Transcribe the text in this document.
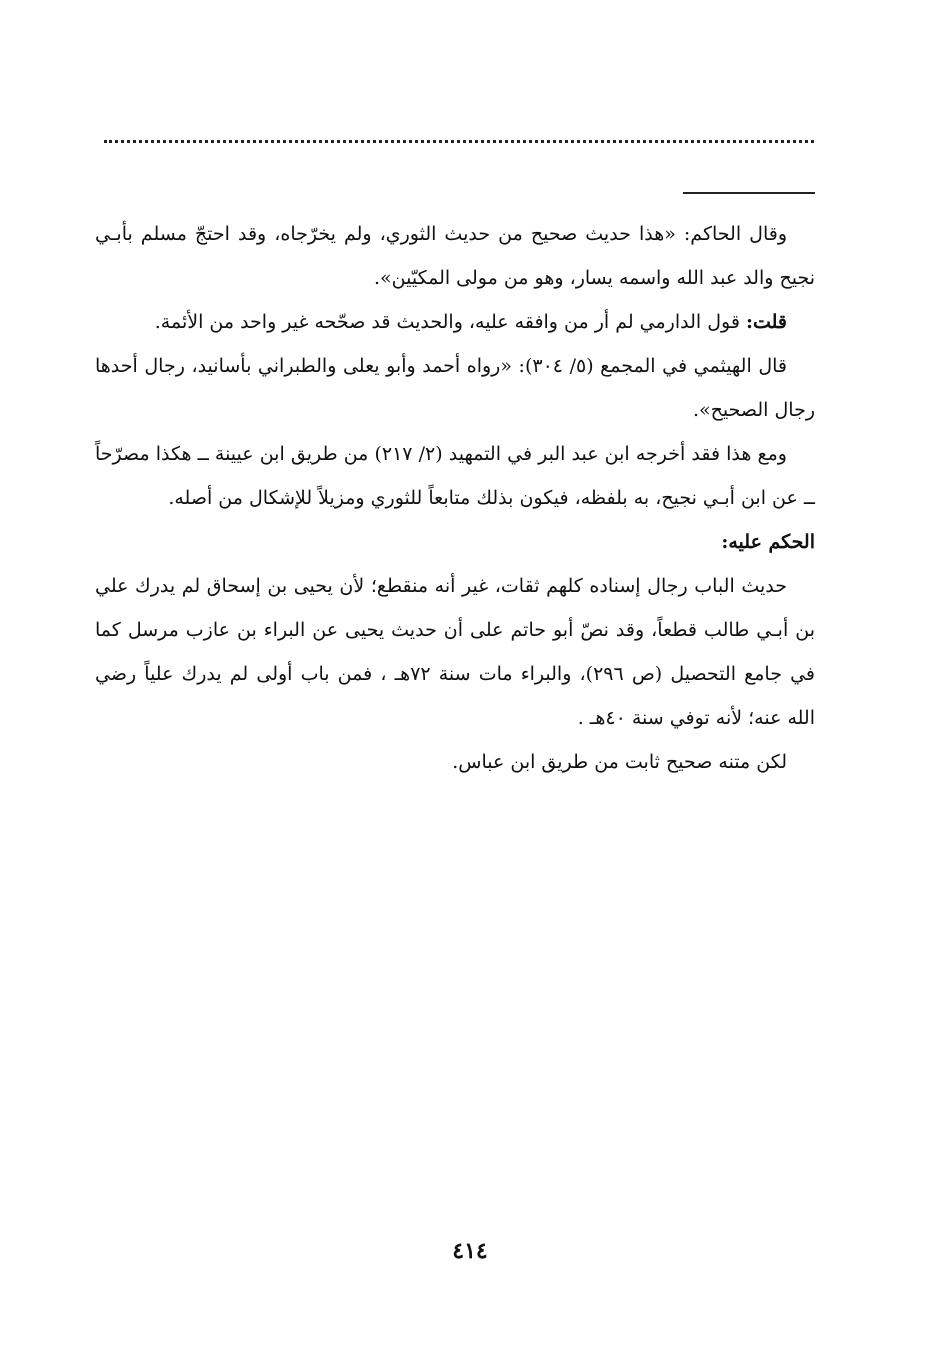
وقال الحاكم: «هذا حديث صحيح من حديث الثوري، ولم يخرّجاه، وقد احتجّ مسلم بأبـي نجيح والد عبد الله واسمه يسار، وهو من مولى المكيّين».

قلت: قول الدارمي لم أر من وافقه عليه، والحديث قد صحّحه غير واحد من الأئمة.

قال الهيثمي في المجمع (٥/ ٣٠٤): «رواه أحمد وأبو يعلى والطبراني بأسانيد، رجال أحدها رجال الصحيح».

ومع هذا فقد أخرجه ابن عبد البر في التمهيد (٢/ ٢١٧) من طريق ابن عيينة ــ هكذا مصرّحاً ــ عن ابن أبـي نجيح، به بلفظه، فيكون بذلك متابعاً للثوري ومزيلاً للإشكال من أصله.

الحكم عليه:

حديث الباب رجال إسناده كلهم ثقات، غير أنه منقطع؛ لأن يحيى بن إسحاق لم يدرك علي بن أبـي طالب قطعاً، وقد نصّ أبو حاتم على أن حديث يحيى عن البراء بن عازب مرسل كما في جامع التحصيل (ص ٢٩٦)، والبراء مات سنة ٧٢هـ ، فمن باب أولى لم يدرك علياً رضي الله عنه؛ لأنه توفي سنة ٤٠هـ .

لكن متنه صحيح ثابت من طريق ابن عباس.

٤١٤
